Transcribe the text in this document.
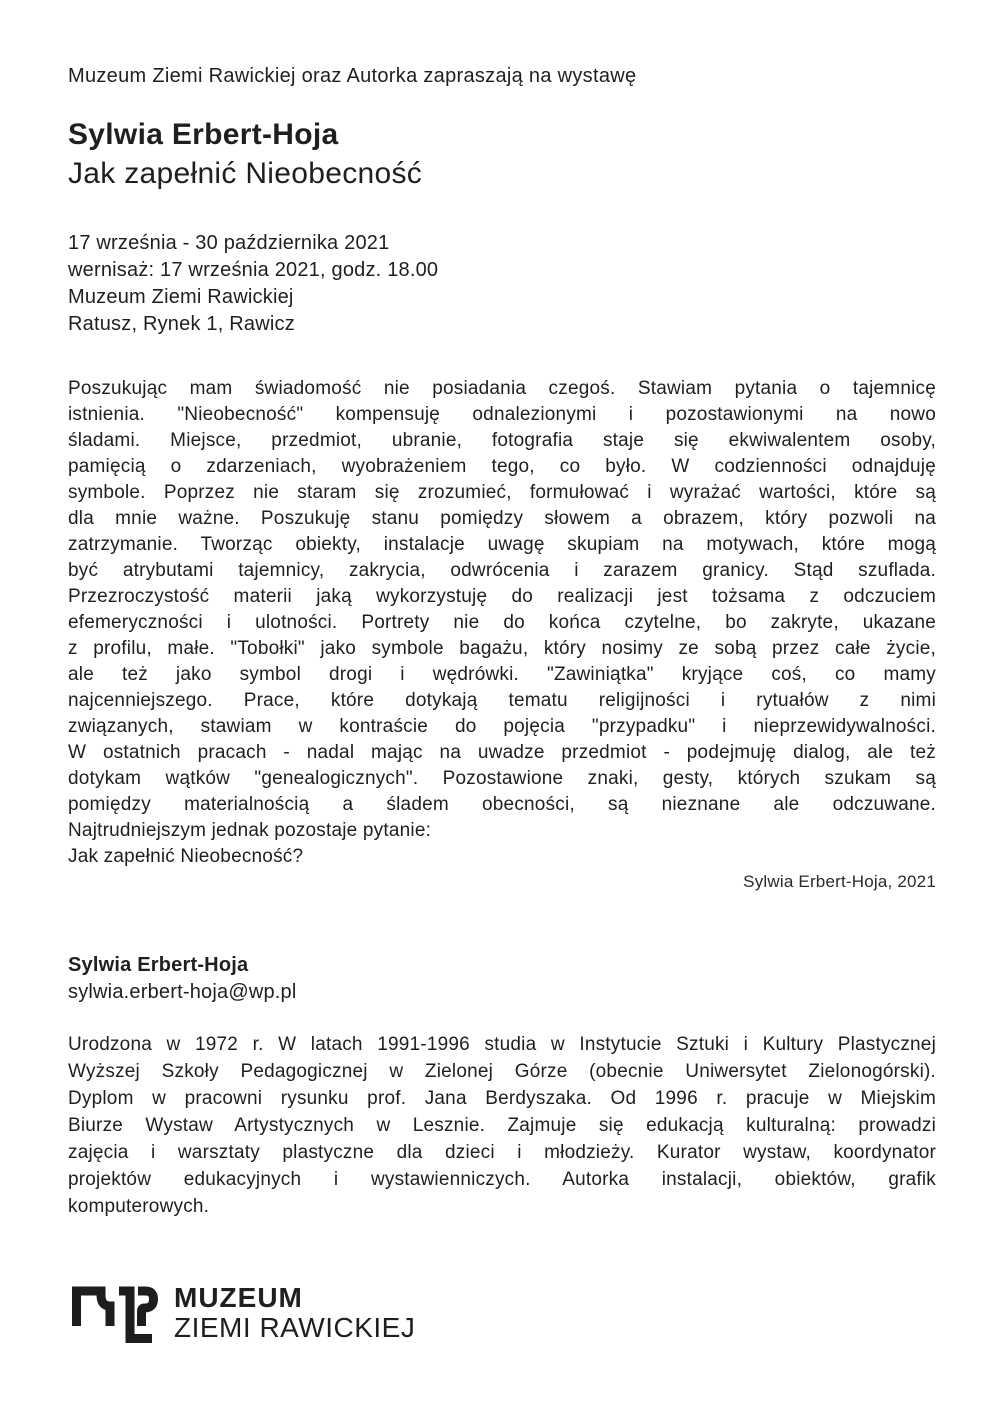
Muzeum Ziemi Rawickiej oraz Autorka zapraszają na wystawę
Sylwia Erbert-Hoja
Jak zapełnić Nieobecność
17 września - 30 października 2021
wernisaż: 17 września 2021, godz. 18.00
Muzeum Ziemi Rawickiej
Ratusz, Rynek 1, Rawicz
Poszukując mam świadomość nie posiadania czegoś. Stawiam pytania o tajemnicę
istnienia. "Nieobecność" kompensuję odnalezionymi i pozostawionymi na nowo
śladami. Miejsce, przedmiot, ubranie, fotografia staje się ekwiwalentem osoby,
pamięcią o zdarzeniach, wyobrażeniem tego, co było. W codzienności odnajduję
symbole. Poprzez nie staram się zrozumieć, formułować i wyrażać wartości, które są
dla mnie ważne. Poszukuję stanu pomiędzy słowem a obrazem, który pozwoli na
zatrzymanie. Tworząc obiekty, instalacje uwagę skupiam na motywach, które mogą
być atrybutami tajemnicy, zakrycia, odwrócenia i zarazem granicy. Stąd szuflada.
Przezroczystość materii jaką wykorzystuję do realizacji jest tożsama z odczuciem
efemeryczności i ulotności. Portrety nie do końca czytelne, bo zakryte, ukazane
z profilu, małe. "Tobołki" jako symbole bagażu, który nosimy ze sobą przez całe życie,
ale też jako symbol drogi i wędrówki. "Zawiniątka" kryjące coś, co mamy
najcenniejszego. Prace, które dotykają tematu religijności i rytuałów z nimi
związanych, stawiam w kontraście do pojęcia "przypadku" i nieprzewidywalności.
W ostatnich pracach - nadal mając na uwadze przedmiot - podejmuję dialog, ale też
dotykam wątków "genealogicznych". Pozostawione znaki, gesty, których szukam są
pomiędzy materialnością a śladem obecności, są nieznane ale odczuwane.
Najtrudniejszym jednak pozostaje pytanie:
Jak zapełnić Nieobecność?
Sylwia Erbert-Hoja, 2021
Sylwia Erbert-Hoja
sylwia.erbert-hoja@wp.pl
Urodzona w 1972 r. W latach 1991-1996 studia w Instytucie Sztuki i Kultury Plastycznej
Wyższej Szkoły Pedagogicznej w Zielonej Górze (obecnie Uniwersytet Zielonogórski).
Dyplom w pracowni rysunku prof. Jana Berdyszaka. Od 1996 r. pracuje w Miejskim
Biurze Wystaw Artystycznych w Lesznie. Zajmuje się edukacją kulturalną: prowadzi
zajęcia i warsztaty plastyczne dla dzieci i młodzieży. Kurator wystaw, koordynator
projektów edukacyjnych i wystawienniczych. Autorka instalacji, obiektów, grafik
komputerowych.
MUZEUM
ZIEMI RAWICKIEJ
